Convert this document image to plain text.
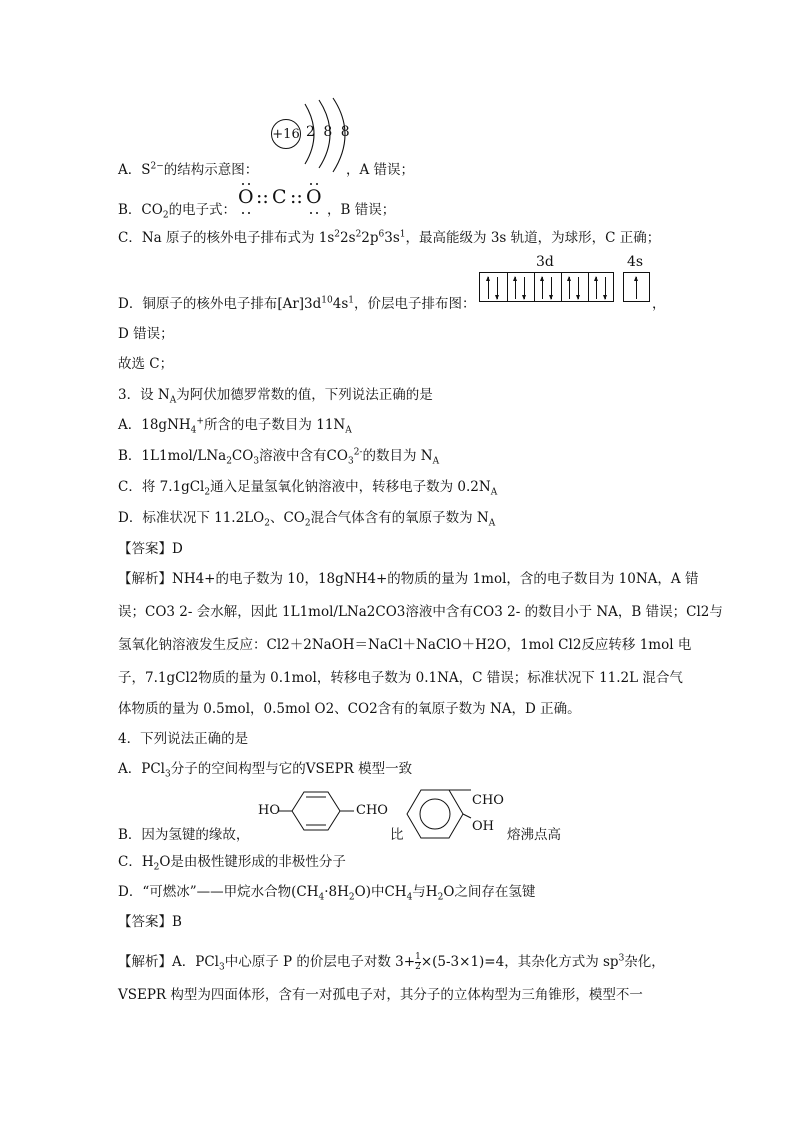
+16 2 8 8
A．$S^{2-}$的结构示意图：	，A 错误；
B．$CO_2$的电子式：
O :: C :: O
，B 错误；
C．Na 原子的核外电子排布式为 $1s^22s^22p^63s^1$，最高能级为 3s 轨道，为球形，C 正确；
3d	4s
D．铜原子的核外电子排布$[Ar]3d^{10}4s^1$，价层电子排布图：	，
D 错误；
故选 C；
3．设 $N_A$为阿伏加德罗常数的值，下列说法正确的是
A．18gNH$_4$+所含的电子数目为 $11N_A$
B．$1L1mol/LNa_2CO_3$溶液中含有$CO_3^{2-}$的数目为 $N_A$
C．将 7.1gCl$_2$通入足量氢氧化钠溶液中，转移电子数为 $0.2N_A$
D．标准状况下 $11.2LO_2$、$CO_2$混合气体含有的氧原子数为 $N_A$
【答案】D
【解析】NH4+的电子数为 10，18gNH4+的物质的量为 1mol，含的电子数目为 10NA，A 错
误；CO3 2- 会水解，因此 1L1mol/LNa2CO3溶液中含有CO3 2- 的数目小于 NA，B 错误；Cl2与
氢氧化钠溶液发生反应：Cl2＋2NaOH＝NaCl＋NaClO＋H2O，1mol Cl2反应转移 1mol 电
子，7.1gCl2物质的量为 0.1mol，转移电子数为 0.1NA，C 错误；标准状况下 11.2L 混合气
体物质的量为 0.5mol，0.5mol O2、CO2含有的氧原子数为 NA，D 正确。
4．下列说法正确的是
A．PCl$_3$分子的空间构型与它的VSEPR 模型一致
HO	CHO
CHO
OH
B．因为氢键的缘故，	比	熔沸点高
C．$H_2O$是由极性键形成的非极性分子
D．“可燃冰”——甲烷水合物$(CH_4\cdot 8H_2O)$中$CH_4$与$H_2O$之间存在氢键
【答案】B
【解析】A．PCl$_3$中心原子 P 的价层电子对数 $3+ \frac{1}{2} \times(5-3\times 1)=4$，其杂化方式为 $sp^3$杂化，
VSEPR 构型为四面体形，含有一对孤电子对，其分子的立体构型为三角锥形，模型不一
